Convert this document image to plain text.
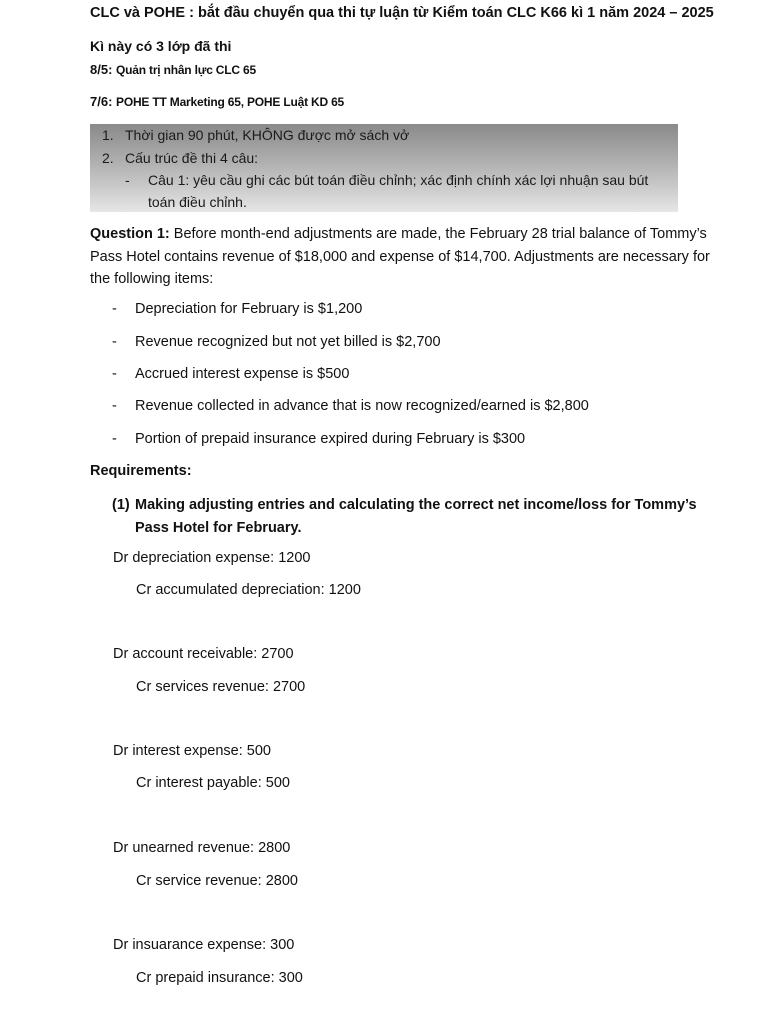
CLC và POHE : bắt đầu chuyển qua thi tự luận từ Kiểm toán CLC K66 kì 1 năm 2024 – 2025
Kì này có 3 lớp đã thi
8/5: Quản trị nhân lực CLC 65
7/6: POHE TT Marketing 65, POHE Luật KD 65
1. Thời gian 90 phút, KHÔNG được mở sách vở
2. Cấu trúc đề thi 4 câu:
- Câu 1: yêu cầu ghi các bút toán điều chỉnh; xác định chính xác lợi nhuận sau bút
toán điều chỉnh.
Question 1: Before month-end adjustments are made, the February 28 trial balance of Tommy’s Pass Hotel contains revenue of $18,000 and expense of $14,700. Adjustments are necessary for the following items:
- Depreciation for February is $1,200
- Revenue recognized but not yet billed is $2,700
- Accrued interest expense is $500
- Revenue collected in advance that is now recognized/earned is $2,800
- Portion of prepaid insurance expired during February is $300
Requirements:
(1) Making adjusting entries and calculating the correct net income/loss for Tommy’s Pass Hotel for February.
Dr depreciation expense: 1200
Cr accumulated depreciation: 1200
Dr account receivable: 2700
Cr services revenue: 2700
Dr interest expense: 500
Cr interest payable: 500
Dr unearned revenue: 2800
Cr service revenue: 2800
Dr insuarance expense: 300
Cr prepaid insurance: 300
